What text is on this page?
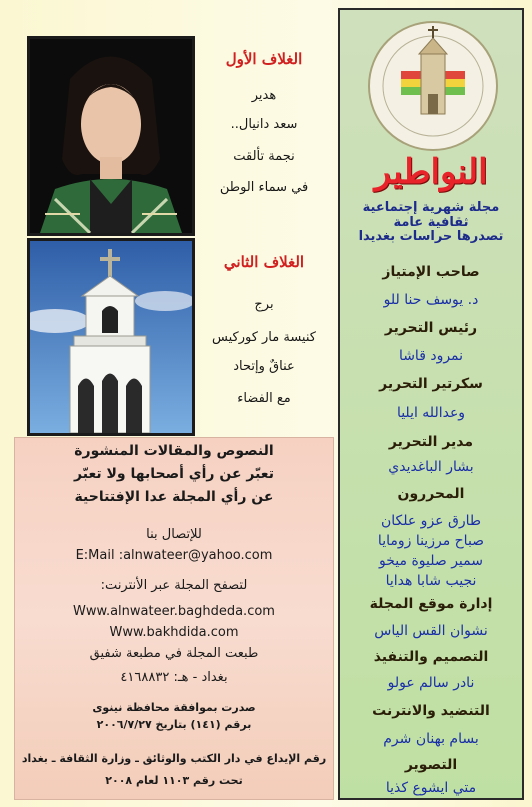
النواطير
مجلة شهرية إجتماعية ثقافية عامة
تصدرها حراسات بغديدا
صاحب الإمتياز
د. يوسف حنا للو
رئيس التحرير
نمرود قاشا
سكرتير التحرير
وعدالله ايليا
مدير التحرير
بشار الباغديدي
المحررون
طارق عزو علكان
صباح مرزينا زومايا
سمير صليوة ميخو
نجيب شابا هدايا
إدارة موقع المجلة
نشوان القس الياس
التصميم والتنفيذ
نادر سالم عولو
التنضيد والانترنت
بسام بهنان شرم
التصوير
متي ايشوع كذيا
الغلاف الأول
هدير
سعد دانيال..
نجمة تألقت
في سماء الوطن
الغلاف الثاني
برج
كنيسة مار كوركيس
عناقٌ وإتحاد
مع الفضاء
النصوص والمقالات المنشورة
تعبّر عن رأي أصحابها ولا تعبّر
عن رأي المجلة عدا الإفتتاحية
للإتصال بنا
E:Mail :alnwateer@yahoo.com
لتصفح المجلة عبر الأنترنت:
Www.alnwateer.baghdeda.com
Www.bakhdida.com
طبعت المجلة في مطبعة شفيق
بغداد - هـ: ٤١٦٨٨٣٢
صدرت بموافقة محافظة نينوى
برقم (١٤١) بتاريخ ٢٠٠٦/٧/٢٧
رقم الإيداع في دار الكتب والوثائق ـ وزارة الثقافة ـ بغداد
تحت رقم ١١٠٣ لعام ٢٠٠٨
